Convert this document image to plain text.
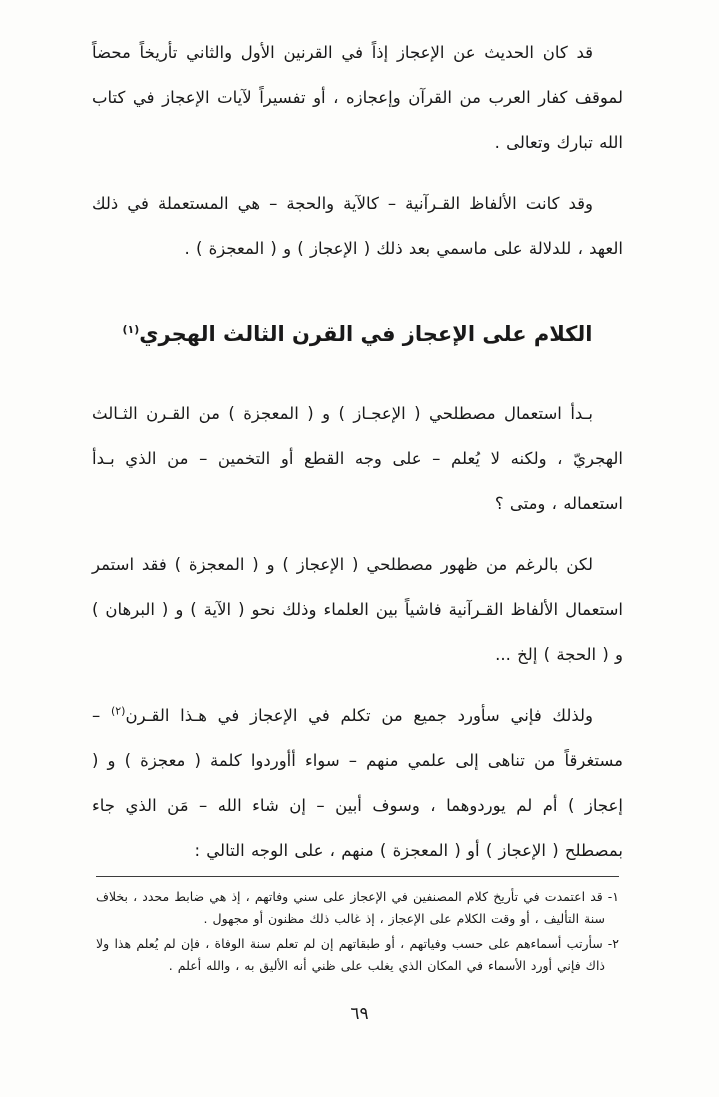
قد كان الحديث عن الإعجاز إذاً في القرنين الأول والثاني تأريخاً محضاً لموقف كفار العرب من القرآن وإعجازه ، أو تفسيراً لآيات الإعجاز في كتاب الله تبارك وتعالى .

وقد كانت الألفاظ القـرآنية – كالآية والحجة – هي المستعملة في ذلك العهد ، للدلالة على ماسمي بعد ذلك ( الإعجاز ) و ( المعجزة ) .

الكلام على الإعجاز في القرن الثالث الهجري$^{(١)}$

بـدأ استعمال مصطلحي ( الإعجـاز ) و ( المعجزة ) من القـرن الثـالث الهجريّ ، ولكنه لا يُعلم – على وجه القطع أو التخمين – من الذي بـدأ استعماله ، ومتى ؟

لكن بالرغم من ظهور مصطلحي ( الإعجاز ) و ( المعجزة ) فقد استمر استعمال الألفاظ القـرآنية فاشياً بين العلماء وذلك نحو ( الآية ) و ( البرهان ) و ( الحجة ) إلخ ...

ولذلك فإني سأورد جميع من تكلم في الإعجاز في هـذا القـرن$^{(٢)}$ – مستغرقاً من تناهى إلى علمي منهم – سواء أأوردوا كلمة ( معجزة ) و ( إعجاز ) أم لم يوردوهما ، وسوف أبين – إن شاء الله – مَن الذي جاء بمصطلح ( الإعجاز ) أو ( المعجزة ) منهم ، على الوجه التالي :

١-قد اعتمدت في تأريخ كلام المصنفين في الإعجاز على سني وفاتهم ، إذ هي ضابط محدد ، بخلاف سنة التأليف ، أو وقت الكلام على الإعجاز ، إذ غالب ذلك مظنون أو مجهول .
٢-سأرتب أسماءهم على حسب وفياتهم ، أو طبقاتهم إن لم تعلم سنة الوفاة ، فإن لم يُعلم هذا ولا ذاك فإني أورد الأسماء في المكان الذي يغلب على ظني أنه الأليق به ، والله أعلم .
٦٩
